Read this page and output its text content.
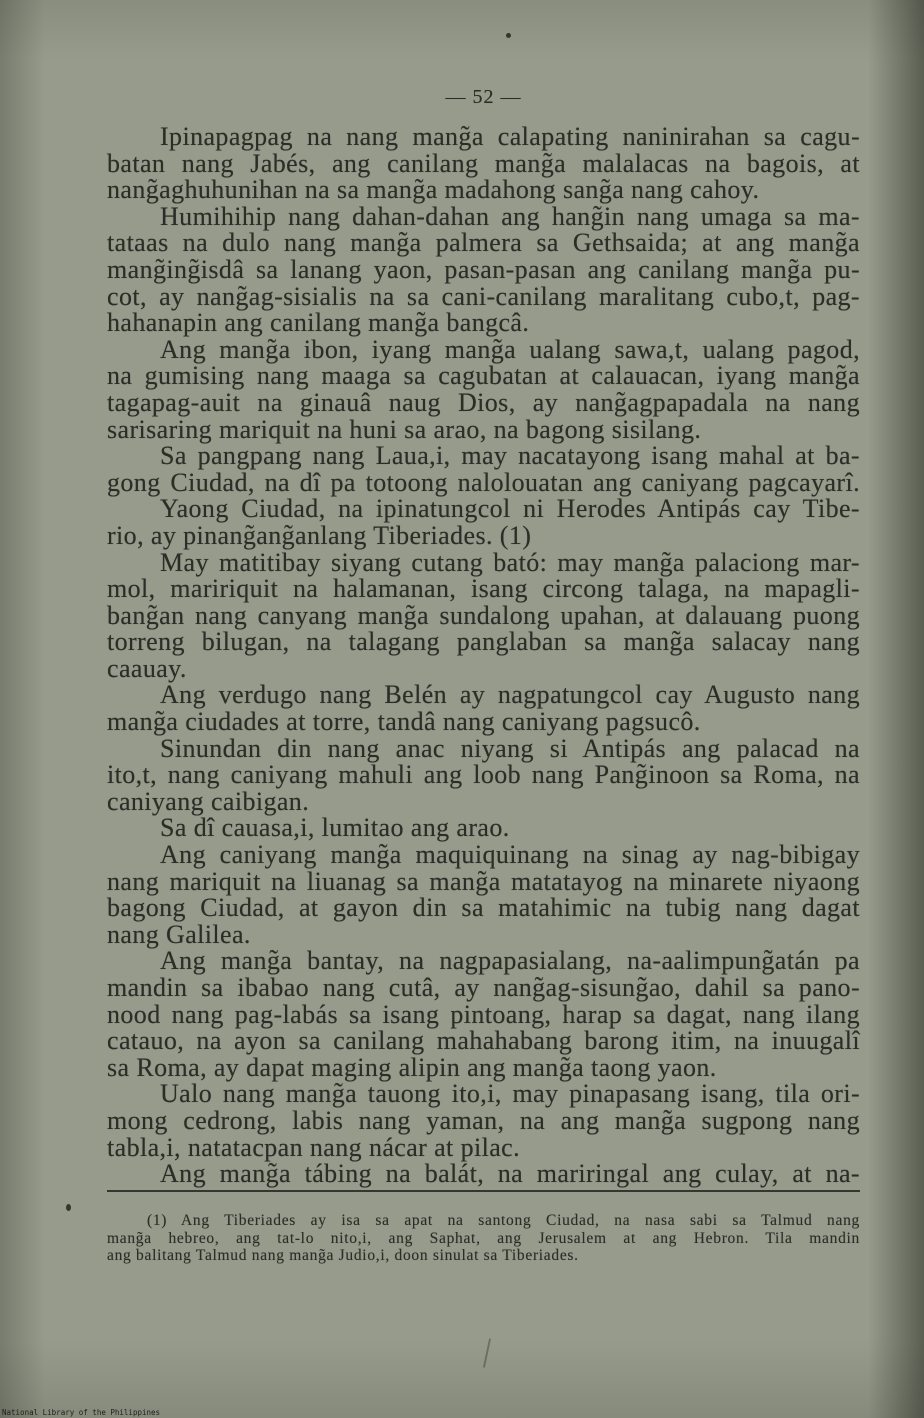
— 52 —
Ipinapagpag na nang mang̃a calapating naninirahan sa cagu-
batan nang Jabés, ang canilang mang̃a malalacas na bagois, at
nang̃aghuhunihan na sa mang̃a madahong sang̃a nang cahoy.
Humihihip nang dahan-dahan ang hang̃in nang umaga sa ma-
tataas na dulo nang mang̃a palmera sa Gethsaida; at ang mang̃a
mang̃ing̃isdâ sa lanang yaon, pasan-pasan ang canilang mang̃a pu-
cot, ay nang̃ag-sisialis na sa cani-canilang maralitang cubo,t, pag-
hahanapin ang canilang mang̃a bangcâ.
Ang mang̃a ibon, iyang mang̃a ualang sawa,t, ualang pagod,
na gumising nang maaga sa cagubatan at calauacan, iyang mang̃a
tagapag-auit na ginauâ naug Dios, ay nang̃agpapadala na nang
sarisaring mariquit na huni sa arao, na bagong sisilang.
Sa pangpang nang Laua,i, may nacatayong isang mahal at ba-
gong Ciudad, na dî pa totoong nalolouatan ang caniyang pagcayarî.
Yaong Ciudad, na ipinatungcol ni Herodes Antipás cay Tibe-
rio, ay pinang̃ang̃anlang Tiberiades. (1)
May matitibay siyang cutang bató: may mang̃a palaciong mar-
mol, maririquit na halamanan, isang circong talaga, na mapagli-
bang̃an nang canyang mang̃a sundalong upahan, at dalauang puong
torreng bilugan, na talagang panglaban sa mang̃a salacay nang
caauay.
Ang verdugo nang Belén ay nagpatungcol cay Augusto nang
mang̃a ciudades at torre, tandâ nang caniyang pagsucô.
Sinundan din nang anac niyang si Antipás ang palacad na
ito,t, nang caniyang mahuli ang loob nang Pang̃inoon sa Roma, na
caniyang caibigan.
Sa dî cauasa,i, lumitao ang arao.
Ang caniyang mang̃a maquiquinang na sinag ay nag-bibigay
nang mariquit na liuanag sa mang̃a matatayog na minarete niyaong
bagong Ciudad, at gayon din sa matahimic na tubig nang dagat
nang Galilea.
Ang mang̃a bantay, na nagpapasialang, na-aalimpung̃atán pa
mandin sa ibabao nang cutâ, ay nang̃ag-sisung̃ao, dahil sa pano-
nood nang pag-labás sa isang pintoang, harap sa dagat, nang ilang
catauo, na ayon sa canilang mahahabang barong itim, na inuugalî
sa Roma, ay dapat maging alipin ang mang̃a taong yaon.
Ualo nang mang̃a tauong ito,i, may pinapasang isang, tila ori-
mong cedrong, labis nang yaman, na ang mang̃a sugpong nang
tabla,i, natatacpan nang nácar at pilac.
Ang mang̃a tábing na balát, na mariringal ang culay, at na-
(1) Ang Tiberiades ay isa sa apat na santong Ciudad, na nasa sabi sa Talmud nang
mang̃a hebreo, ang tat-lo nito,i, ang Saphat, ang Jerusalem at ang Hebron. Tila mandin
ang balitang Talmud nang mang̃a Judio,i, doon sinulat sa Tiberiades.
National Library of the Philippines
